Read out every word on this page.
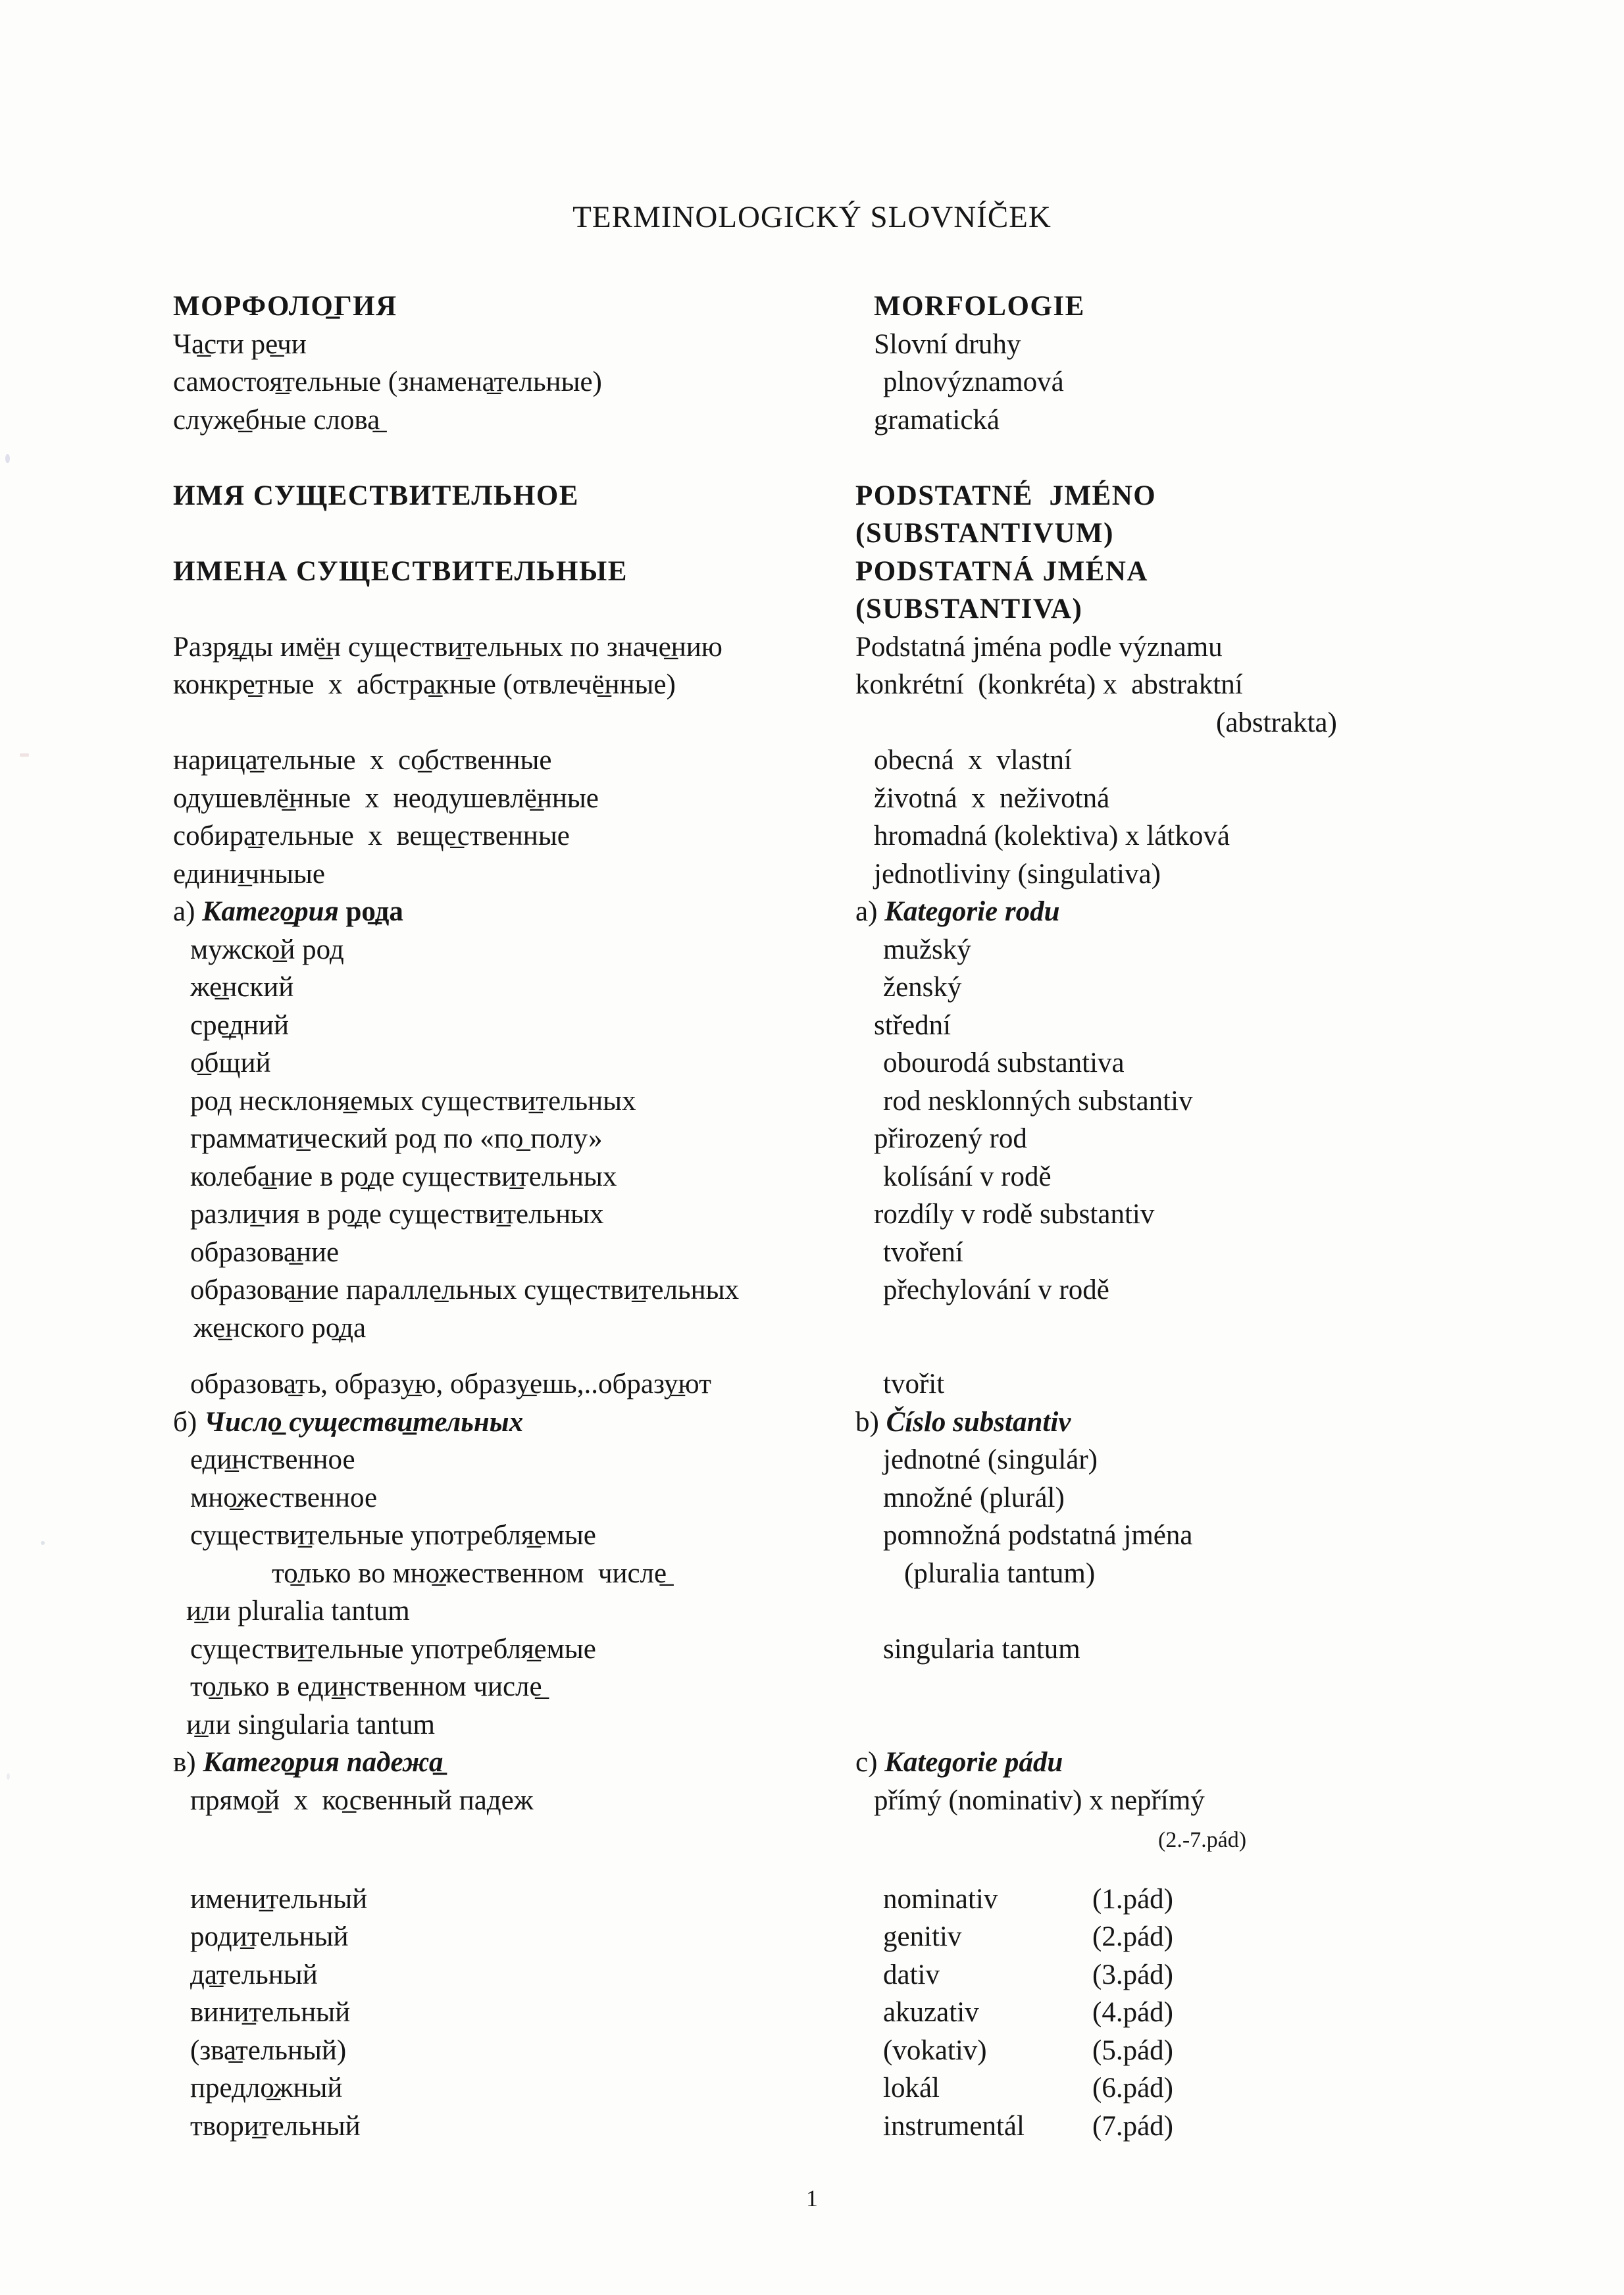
TERMINOLOGICKÝ SLOVNÍČEK
МОРФОЛО̲ГИЯ	MORFOLOGIE
Ча̲сти ре̲чи	Slovní druhy
самостоя̲тельные (знамена̲тельные)	plnovýznamová
служе̲бные слова̲	gramatická
ИМЯ СУЩЕСТВИТЕЛЬНОЕ	PODSTATNÉ  JMÉNO
(SUBSTANTIVUM)
ИМЕНА СУЩЕСТВИТЕЛЬНЫЕ	PODSTATNÁ JMÉNA
(SUBSTANTIVA)
Разря̲ды имё̲н существи̲тельных по значе̲нию	Podstatná jména podle významu
конкре̲тные  х  абстра̲кные (отвлечё̲нные)	konkrétní  (konkréta) x  abstraktní
(abstrakta)
нарица̲тельные  х  со̲бственные	obecná  x  vlastní
одушевлё̲нные  х  неодушевлё̲нные	životná  x  neživotná
собира̲тельные  х  веще̲ственные	hromadná (kolektiva) x látková
едини̲чныые	jednotliviny (singulativa)
а) Катего̲рия ро̲да	a) Kategorie rodu
мужско̲й род	mužský
же̲нский	ženský
сре̲дний	střední
о̲бщий	obourodá substantiva
род несклоня̲емых существи̲тельных	rod nesklonných substantiv
граммати̲ческий род по «по̲ полу»	přirozený rod
колеба̲ние в ро̲де существи̲тельных	kolísání v rodě
разли̲чия в ро̲де существи̲тельных	rozdíly v rodě substantiv
образова̲ние	tvoření
образова̲ние паралле̲льных существи̲тельных	přechylování v rodě
же̲нского ро̲да
образова̲ть, образу̲ю, образу̲ешь,..образу̲ют	tvořit
б) Число̲ существи̲тельных	b) Číslo substantiv
еди̲нственное	jednotné (singulár)
мно̲жественное	množné (plurál)
существи̲тельные употребля̲емые	pomnožná podstatná jména
то̲лько во мно̲жественном  числе̲	(pluralia tantum)
и̲ли pluralia tantum
существи̲тельные употребля̲емые	singularia tantum
то̲лько в еди̲нственном числе̲
и̲ли singularia tantum
в) Катего̲рия падежа̲	c) Kategorie pádu
прямо̲й  х  ко̲свенный падеж	přímý (nominativ) x nepřímý
(2.-7.pád)
имени̲тельный	nominativ	(1.pád)
роди̲тельный	genitiv	(2.pád)
да̲тельный	dativ	(3.pád)
вини̲тельный	akuzativ	(4.pád)
(зва̲тельный)	(vokativ)	(5.pád)
предло̲жный	lokál	(6.pád)
твори̲тельный	instrumentál (7.pád)
1
